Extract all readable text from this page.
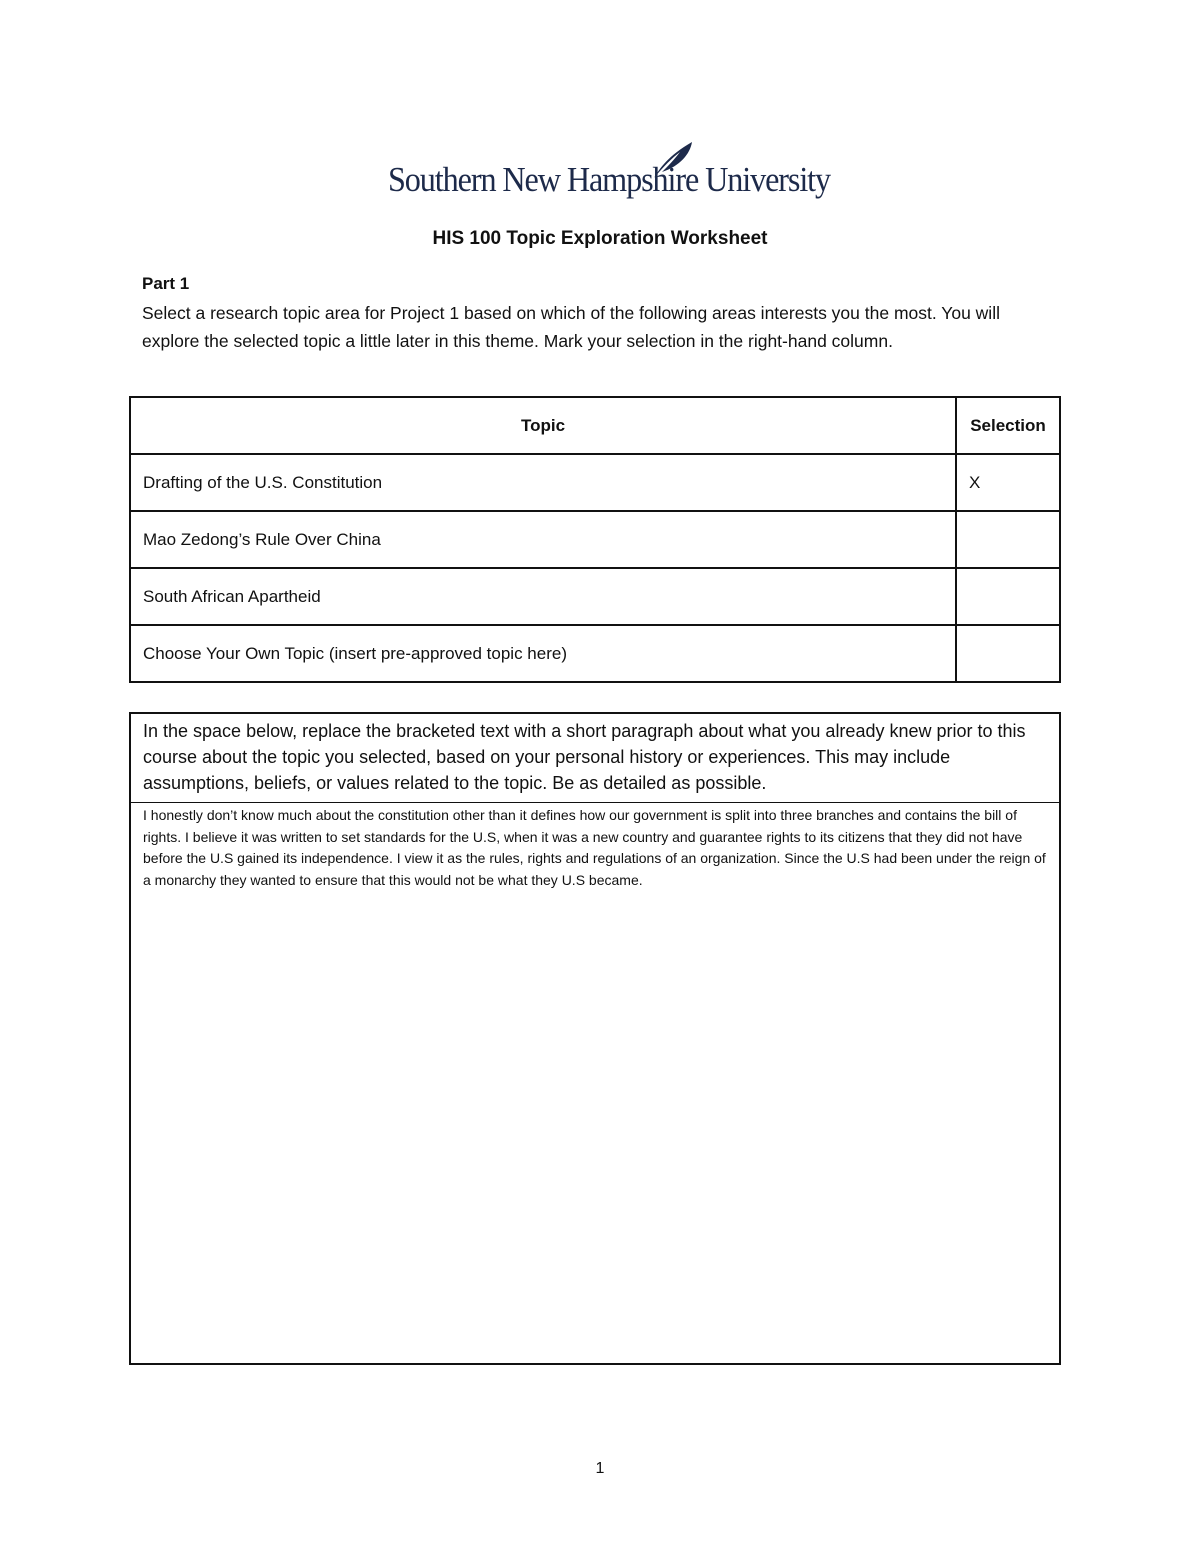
Southern New Hampshire University
HIS 100 Topic Exploration Worksheet
Part 1
Select a research topic area for Project 1 based on which of the following areas interests you the most. You will explore the selected topic a little later in this theme. Mark your selection in the right-hand column.
Topic	Selection
Drafting of the U.S. Constitution	X
Mao Zedong’s Rule Over China	
South African Apartheid	
Choose Your Own Topic (insert pre-approved topic here)	
In the space below, replace the bracketed text with a short paragraph about what you already knew prior to this course about the topic you selected, based on your personal history or experiences. This may include assumptions, beliefs, or values related to the topic. Be as detailed as possible.
I honestly don’t know much about the constitution other than it defines how our government is split into three branches and contains the bill of rights. I believe it was written to set standards for the U.S, when it was a new country and guarantee rights to its citizens that they did not have before the U.S gained its independence. I view it as the rules, rights and regulations of an organization. Since the U.S had been under the reign of a monarchy they wanted to ensure that this would not be what they U.S became.
1
